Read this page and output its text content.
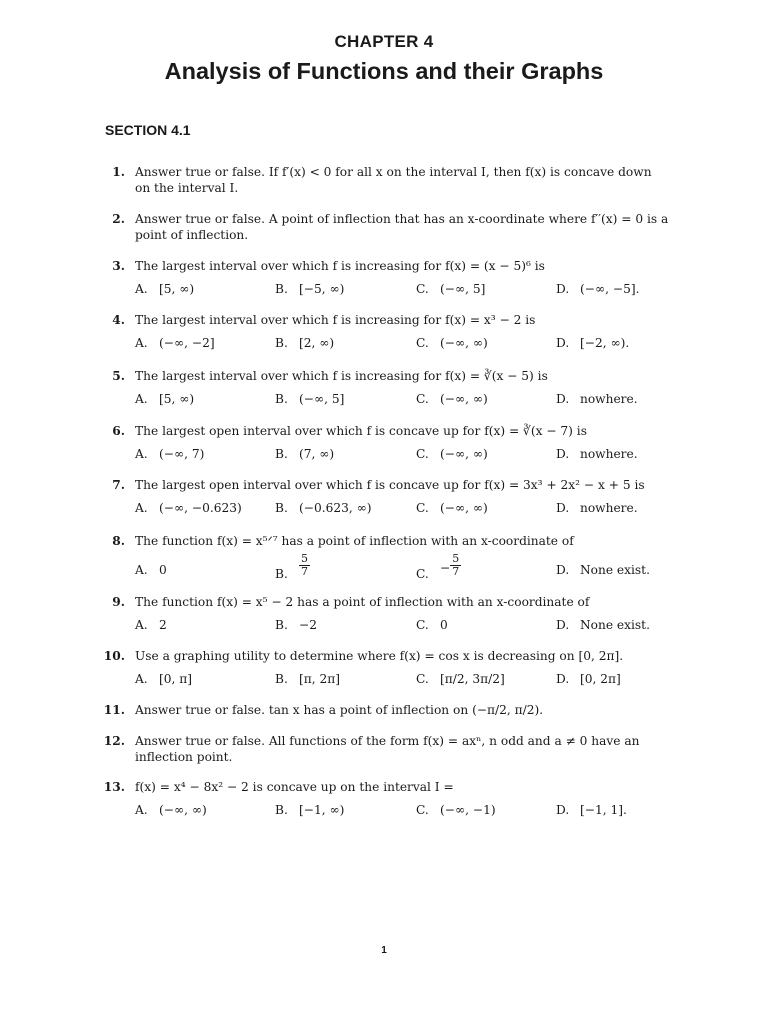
CHAPTER 4
Analysis of Functions and their Graphs
SECTION 4.1
1. Answer true or false. If f′(x) < 0 for all x on the interval I, then f(x) is concave down on the interval I.
2. Answer true or false. A point of inflection that has an x-coordinate where f′′(x) = 0 is a point of inflection.
3. The largest interval over which f is increasing for f(x) = (x − 5)⁶ is
A. [5, ∞)	B. [−5, ∞)	C. (−∞, 5]	D. (−∞, −5].
4. The largest interval over which f is increasing for f(x) = x³ − 2 is
A. (−∞, −2]	B. [2, ∞)	C. (−∞, ∞)	D. [−2, ∞).
5. The largest interval over which f is increasing for f(x) = ∛(x − 5) is
A. [5, ∞)	B. (−∞, 5]	C. (−∞, ∞)	D. nowhere.
6. The largest open interval over which f is concave up for f(x) = ∛(x − 7) is
A. (−∞, 7)	B. (7, ∞)	C. (−∞, ∞)	D. nowhere.
7. The largest open interval over which f is concave up for f(x) = 3x³ + 2x² − x + 5 is
A. (−∞, −0.623)	B. (−0.623, ∞)	C. (−∞, ∞)	D. nowhere.
8. The function f(x) = x⁵ᐟ⁷ has a point of inflection with an x-coordinate of
A. 0	B. $\frac{5}{7}$	C. − $\frac{5}{7}$	D. None exist.
9. The function f(x) = x⁵ − 2 has a point of inflection with an x-coordinate of
A. 2	B. −2	C. 0	D. None exist.
10. Use a graphing utility to determine where f(x) = cos x is decreasing on [0, 2π].
A. [0, π]	B. [π, 2π]	C. [π/2, 3π/2]	D. [0, 2π]
11. Answer true or false. tan x has a point of inflection on (−π/2, π/2).
12. Answer true or false. All functions of the form f(x) = axⁿ, n odd and a ≠ 0 have an inflection point.
13. f(x) = x⁴ − 8x² − 2 is concave up on the interval I =
A. (−∞, ∞)	B. [−1, ∞)	C. (−∞, −1)	D. [−1, 1].
1
